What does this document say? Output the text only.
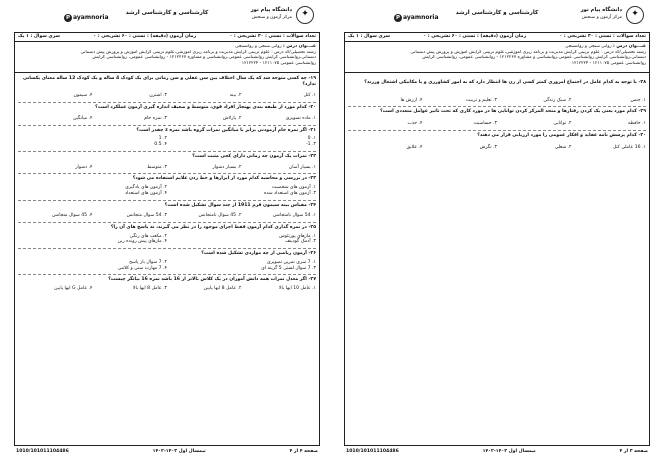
✦
دانشگاه پیام نور
مرکز آزمون و سنجش
کارشناسی و کارشناسی ارشد
P ayamnoria
تعداد سوالات : تستی : ۳۰ تشریحی : ۰
زمان آزمون (دقیقه) : تستی : ۶۰ تشریحی : ۰
سری سوال : ۱ یک
عنـــوان درس : روانی سنجی و روانسنجی
رشته تحصیلی/کد درس : علوم تربیتی گرایش مدیریت و برنامه ریزی آموزشی،علوم تربیتی گرایش آموزش و پرورش پیش دبستانی
دبستانی،روانشناسی گرایش روانشناسی عمومی،روانشناسی و مشاوره ۱۲۱۲۲۶۷ - روانشناسی عمومی، روانشناسی گرایش
روانشناسی عمومی ۱۲۱۱۰۷۵ - ۱۲۱۲۲۲۴
۲۸- با توجه به کدام عامل در اجتماع امروزی کمتر کسی از زن ها انتظار دارد که به امور کشاورزی و یا مکانیکی اشتغال ورزند؟
۱. جنس
۲. سبک زندگی
۳. تعلیم و تربیت
۴. ارزش ها
۲۹- کدام مورد یعنی یک کردن رفتارها و متحد المرکز کردن توانایی ها در مورد کاری که تحت تاثیر عوامل متعددی است؟
۱. حافظه
۲. توانایی
۳. حساسیت
۴. جذب
۳۰- کدام پرسش نامه عقاید و افکار عمومی را مورد ارزیابی قرار می دهند؟
۱. 16 عاملی کتل
۲. شغلی
۳. نگرش
۴. علایق
صفحه ۳ از ۴
نیمسال اول ۱۴۰۳-۱۴۰۲
1010/101011104486
✦
دانشگاه پیام نور
مرکز آزمون و سنجش
کارشناسی و کارشناسی ارشد
P ayamnoria
تعداد سوالات : تستی : ۳۰ تشریحی : ۰
زمان آزمون (دقیقه) : تستی : ۶۰ تشریحی : ۰
سری سوال : ۱ یک
عنـــوان درس : روانی سنجی و روانسنجی
رشته تحصیلی/کد درس : علوم تربیتی گرایش مدیریت و برنامه ریزی آموزشی،علوم تربیتی گرایش آموزش و پرورش پیش دبستانی
دبستانی،روانشناسی گرایش روانشناسی عمومی،روانشناسی و مشاوره ۱۲۱۲۲۶۷ - روانشناسی عمومی، روانشناسی گرایش
روانشناسی عمومی ۱۲۱۱۰۷۵ - ۱۲۱۲۲۲۴
۱۹- چه کسی متوجه شد که یک سال اختلاف بین سن عقلی و سن زمانی برای یک کودک 4 ساله و یک کودک 12 ساله معنای یکسانی ندارد؟
۱. کتل
۲. بینه
۳. اشترن
۴. سیمون
۲۰- کدام مورد از طبقه بندی بهنجار افراد قوی، متوسط و ضعیف اندازه گیری آزمون عملکرد است؟
۱. ماده تصویری
۲. پارلاش
۳. نمره خام
۴. میانگین
۲۱- اگر نمره خام آزمودنی برابر با میانگین نمرات گروه باشد نمره z چقدر است؟
۱. 0
۲. 1
۳. 1-
۴. 0.5
۲۲- نمرات یک آزمون چه زمانی دارای کجی مثبت است؟
۱. بسیار آسان
۲. بسیار دشوار
۳. متوسط
۴. دشوار
۲۳- در بررسی و محاسبه کدام مورد از ابزارها و خط زدن علایم استفاده می شود؟
۱. آزمون های شخصیت
۲. آزمون های یادگیری
۳. آزمون های استعداد شده
۴. آزمون های استعداد
۲۴- مقیاس بینه سیمون فرم 1911 از چند سوال تشکیل شده است؟
۱. 54 سوال نامتجانس
۲. 45 سوال نامتجانس
۳. 54 سوال متجانس
۴. 45 سوال متجانس
۲۵- در نمره گذاری کدام آزمون فقط اجزای موجود را در نظر می گیرند، نه پاسخ های آن را؟
۱. مازهای پورتئوس
۲. مکعب های رنگی
۳. آدمک گودینف
۴. مازهای پیش رونده رین
۲۶- آزمون ریاضی از چه مواردی تشکیل شده است؟
۱. 7 سری تمرین تصویری
۲. 7 سوال باز پاسخ
۳. 7 سوال لستی 5 گزینه ای
۴. 7 مهارت سنی و کلامی
۲۷- اگر معدل نمرات همه دانش آموزان در یک کلاس بالاتر از 16 باشد نمره 16 بیانگر چیست؟
۱. عامل 10 ایها بالا
۲. عامل 8 ایها پایین
۳. عامل 8 ایها بالا
۴. عامل G ایها پایین
صفحه ۴ از ۴
نیمسال اول ۱۴۰۳-۱۴۰۲
1010/101011104486
